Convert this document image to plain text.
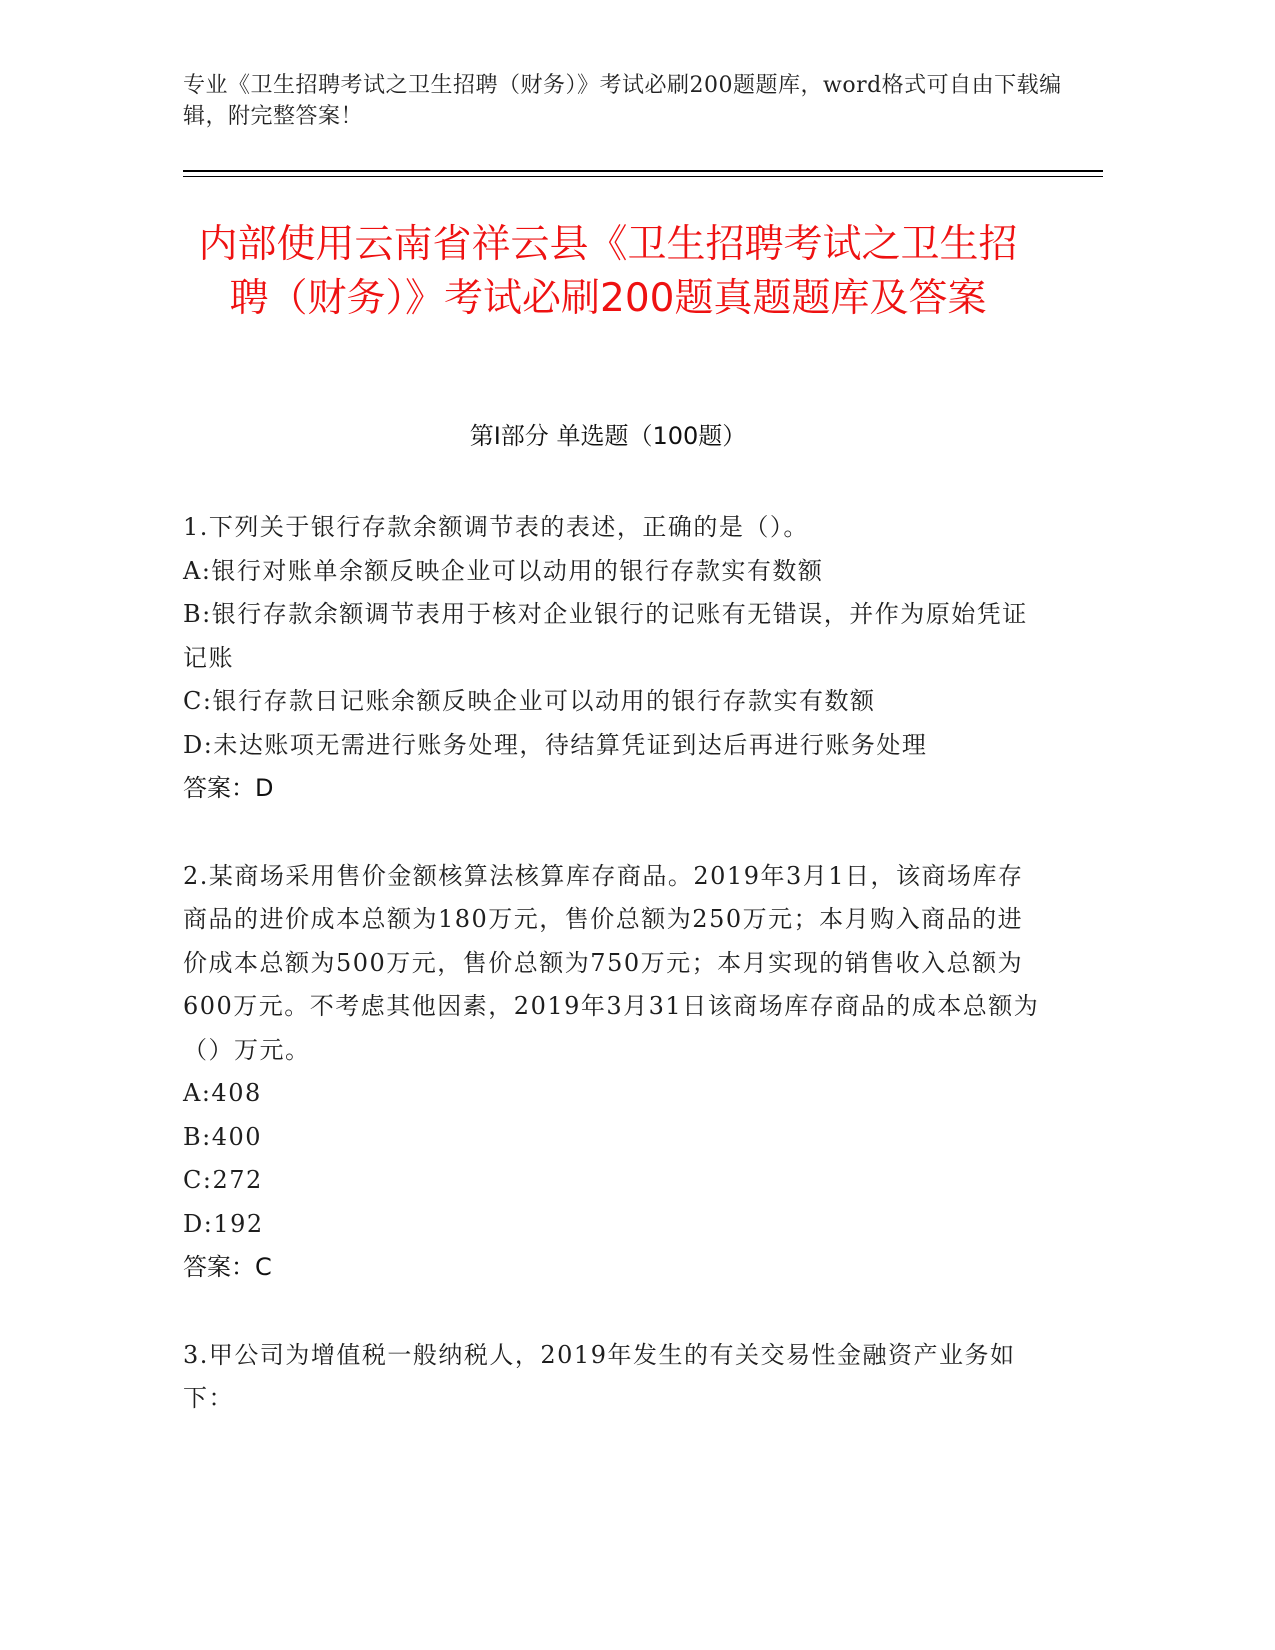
专业《卫生招聘考试之卫生招聘（财务）》考试必刷200题题库，word格式可自由下载编辑，附完整答案！
内部使用云南省祥云县《卫生招聘考试之卫生招聘（财务）》考试必刷200题真题题库及答案
第Ⅰ部分 单选题（100题）
1.下列关于银行存款余额调节表的表述，正确的是（）。
A:银行对账单余额反映企业可以动用的银行存款实有数额
B:银行存款余额调节表用于核对企业银行的记账有无错误，并作为原始凭证记账
C:银行存款日记账余额反映企业可以动用的银行存款实有数额
D:未达账项无需进行账务处理，待结算凭证到达后再进行账务处理
答案：D
2.某商场采用售价金额核算法核算库存商品。2019年3月1日，该商场库存商品的进价成本总额为180万元，售价总额为250万元；本月购入商品的进价成本总额为500万元，售价总额为750万元；本月实现的销售收入总额为600万元。不考虑其他因素，2019年3月31日该商场库存商品的成本总额为（）万元。
A:408
B:400
C:272
D:192
答案：C
3.甲公司为增值税一般纳税人，2019年发生的有关交易性金融资产业务如下：
